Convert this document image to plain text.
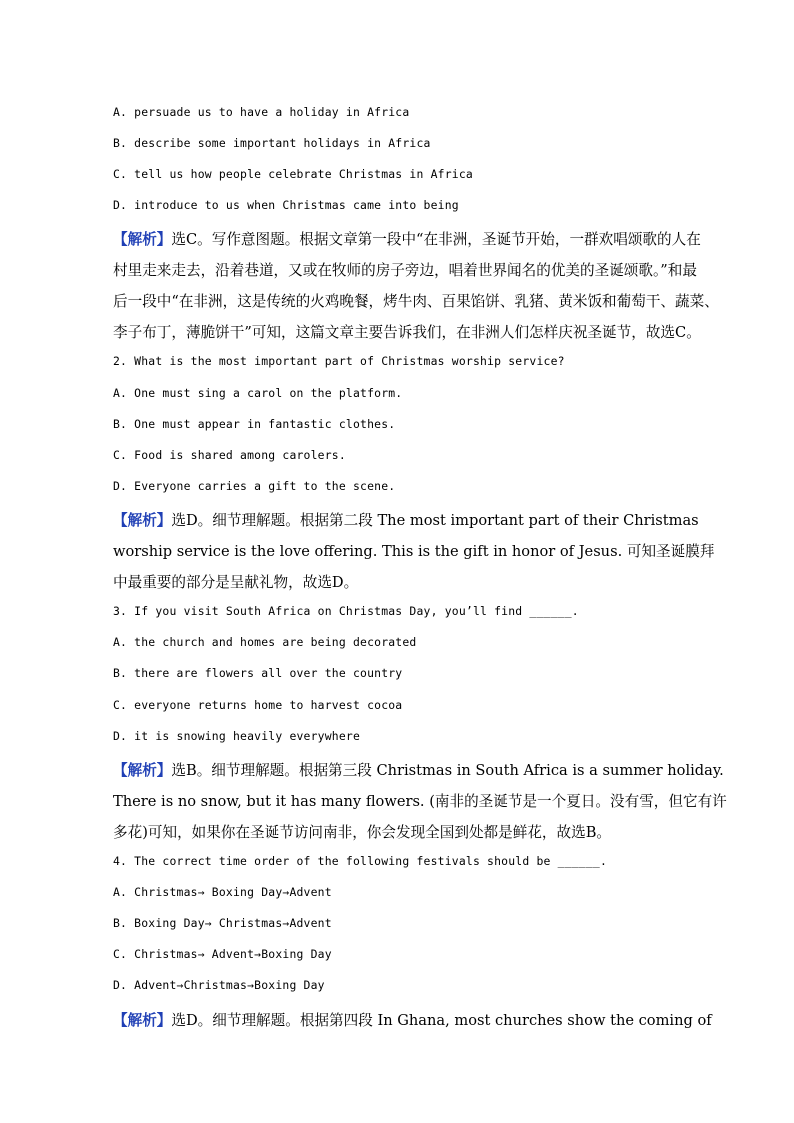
A. persuade us to have a holiday in Africa

B. describe some important holidays in Africa

C. tell us how people celebrate Christmas in Africa

D. introduce to us when Christmas came into being

【解析】选C。写作意图题。根据文章第一段中“在非洲，圣诞节开始，一群欢唱颂歌的人在

村里走来走去，沿着巷道，又或在牧师的房子旁边，唱着世界闻名的优美的圣诞颂歌。”和最

后一段中“在非洲，这是传统的火鸡晚餐，烤牛肉、百果馅饼、乳猪、黄米饭和葡萄干、蔬菜、

李子布丁，薄脆饼干”可知，这篇文章主要告诉我们，在非洲人们怎样庆祝圣诞节，故选C。

2. What is the most important part of Christmas worship service?

A. One must sing a carol on the platform.

B. One must appear in fantastic clothes.

C. Food is shared among carolers.

D. Everyone carries a gift to the scene.

【解析】选D。细节理解题。根据第二段 The most important part of their Christmas

worship service is the love offering. This is the gift in honor of Jesus. 可知圣诞膜拜

中最重要的部分是呈献礼物，故选D。

3. If you visit South Africa on Christmas Day, you’ll find ______.

A. the church and homes are being decorated

B. there are flowers all over the country

C. everyone returns home to harvest cocoa

D. it is snowing heavily everywhere

【解析】选B。细节理解题。根据第三段 Christmas in South Africa is a summer holiday.

There is no snow, but it has many flowers. (南非的圣诞节是一个夏日。没有雪，但它有许

多花)可知，如果你在圣诞节访问南非，你会发现全国到处都是鲜花，故选B。

4. The correct time order of the following festivals should be ______.

A. Christmas→ Boxing Day→Advent

B. Boxing Day→ Christmas→Advent

C. Christmas→ Advent→Boxing Day

D. Advent→Christmas→Boxing Day

【解析】选D。细节理解题。根据第四段 In Ghana, most churches show the coming of
